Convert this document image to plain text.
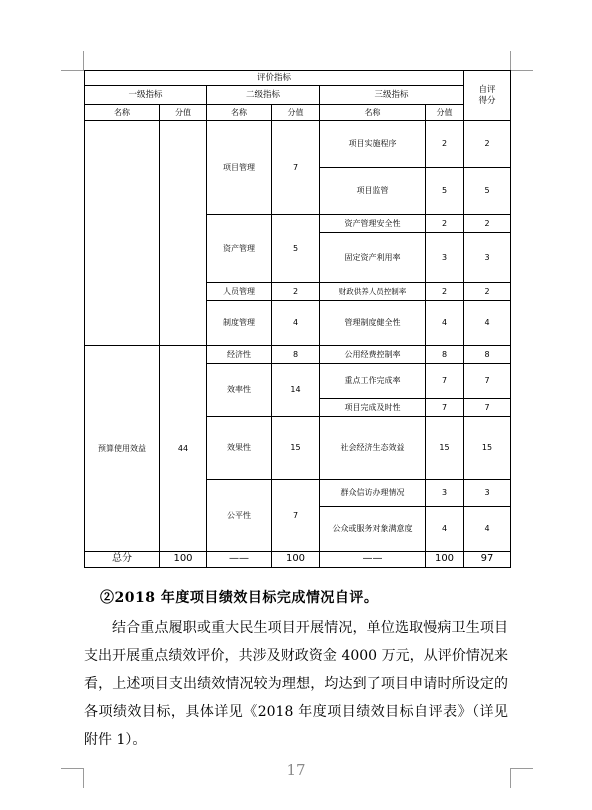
评价指标						自评
得分
一级指标		二级指标		三级指标		
名称	分值	名称	分值	名称	分值	
		项目管理	7	项目实施程序	2	2
				项目监管	5	5
		资产管理	5	资产管理安全性	2	2
				固定资产利用率	3	3
		人员管理	2	财政供养人员控制率	2	2
		制度管理	4	管理制度健全性	4	4
预算使用效益	44	经济性	8	公用经费控制率	8	8
		效率性	14	重点工作完成率	7	7
				项目完成及时性	7	7
		效果性	15	社会经济生态效益	15	15
		公平性	7	群众信访办理情况	3	3
				公众或服务对象满意度	4	4
总分	100	——	100	——	100	97
②2018 年度项目绩效目标完成情况自评。

结合重点履职或重大民生项目开展情况，单位选取慢病卫生项目支出开展重点绩效评价，共涉及财政资金 4000 万元，从评价情况来看，上述项目支出绩效情况较为理想，均达到了项目申请时所设定的各项绩效目标，具体详见《2018 年度项目绩效目标自评表》（详见附件 1）。

17
